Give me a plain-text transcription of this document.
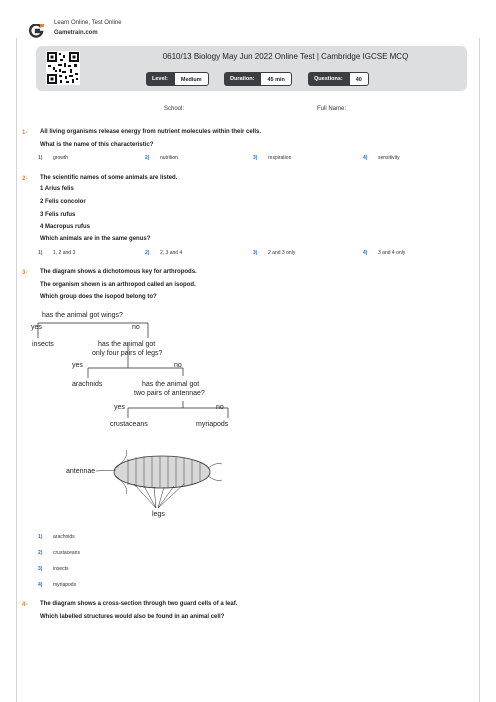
Learn Online, Test Online
Gametrain.com
0610/13 Biology May Jun 2022 Online Test | Cambridge IGCSE MCQ
Level:	Medium	Duration:	45 min	Questions:	40
School:	Full Name:
1- All living organisms release energy from nutrient molecules within their cells.
What is the name of this characteristic?
1) growth	2) nutrition	3) respiration	4) sensitivity
2- The scientific names of some animals are listed.
1 Arius felis
2 Felis concolor
3 Felis rufus
4 Macropus rufus
Which animals are in the same genus?
1) 1, 2 and 3	2) 2, 3 and 4	3) 2 and 3 only	4) 3 and 4 only
3- The diagram shows a dichotomous key for arthropods.
The organism shown is an arthropod called an isopod.
Which group does the isopod belong to?
has the animal got wings?
yes	no
insects	has the animal got
only four pairs of legs?
yes	no
arachnids	has the animal got
two pairs of antennae?
yes	no
crustaceans	myriapods
antennae
legs
1) arachnids
2) crustaceans
3) insects
4) myriapods
4- The diagram shows a cross-section through two guard cells of a leaf.
Which labelled structures would also be found in an animal cell?
